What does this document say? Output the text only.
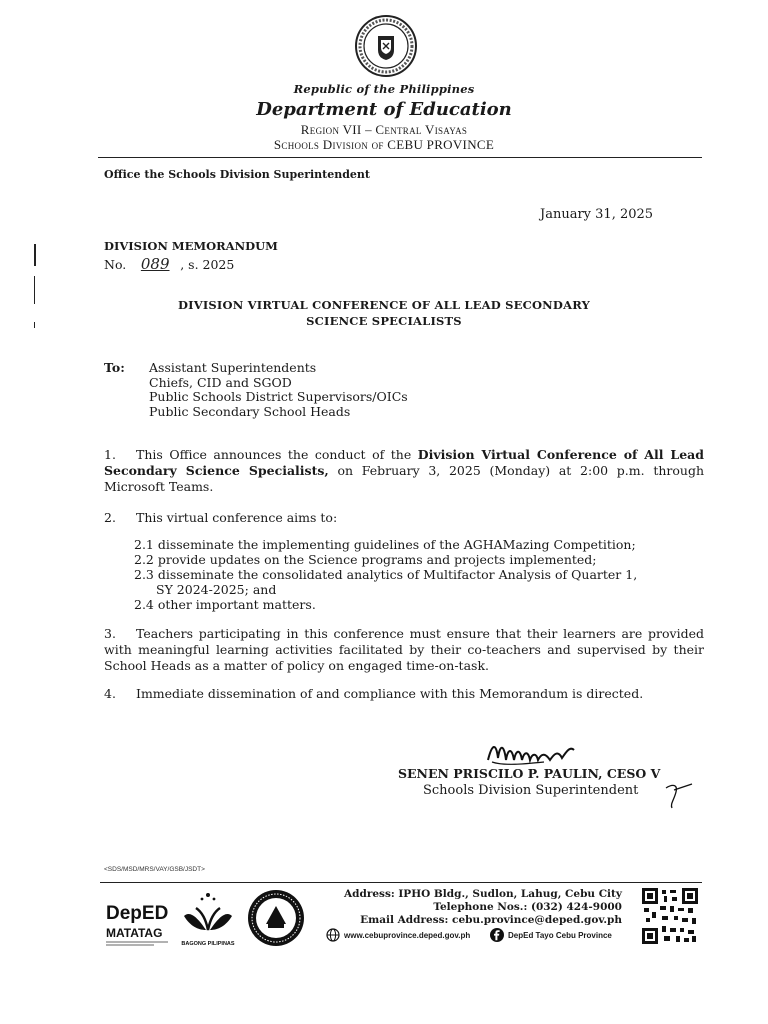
Republic of the Philippines
Department of Education
Region VII – Central Visayas
Schools Division of CEBU PROVINCE
Office the Schools Division Superintendent
January 31, 2025
DIVISION MEMORANDUM
No. 089 , s. 2025
DIVISION VIRTUAL CONFERENCE OF ALL LEAD SECONDARY
SCIENCE SPECIALISTS
To: Assistant Superintendents
Chiefs, CID and SGOD
Public Schools District Supervisors/OICs
Public Secondary School Heads
1. This Office announces the conduct of the Division Virtual Conference of All Lead Secondary Science Specialists, on February 3, 2025 (Monday) at 2:00 p.m. through Microsoft Teams.
2. This virtual conference aims to:
2.1 disseminate the implementing guidelines of the AGHAMazing Competition;
2.2 provide updates on the Science programs and projects implemented;
2.3 disseminate the consolidated analytics of Multifactor Analysis of Quarter 1,
SY 2024-2025; and
2.4 other important matters.
3. Teachers participating in this conference must ensure that their learners are provided with meaningful learning activities facilitated by their co-teachers and supervised by their School Heads as a matter of policy on engaged time-on-task.
4. Immediate dissemination of and compliance with this Memorandum is directed.
SENEN PRISCILO P. PAULIN, CESO V
Schools Division Superintendent
<SDS/MSD/MRS/VAY/GSB/JSDT>
DepED
MATATAG
BAGONG PILIPINAS
Address: IPHO Bldg., Sudlon, Lahug, Cebu City
Telephone Nos.: (032) 424-9000
Email Address: cebu.province@deped.gov.ph
www.cebuprovince.deped.gov.ph	DepEd Tayo Cebu Province
